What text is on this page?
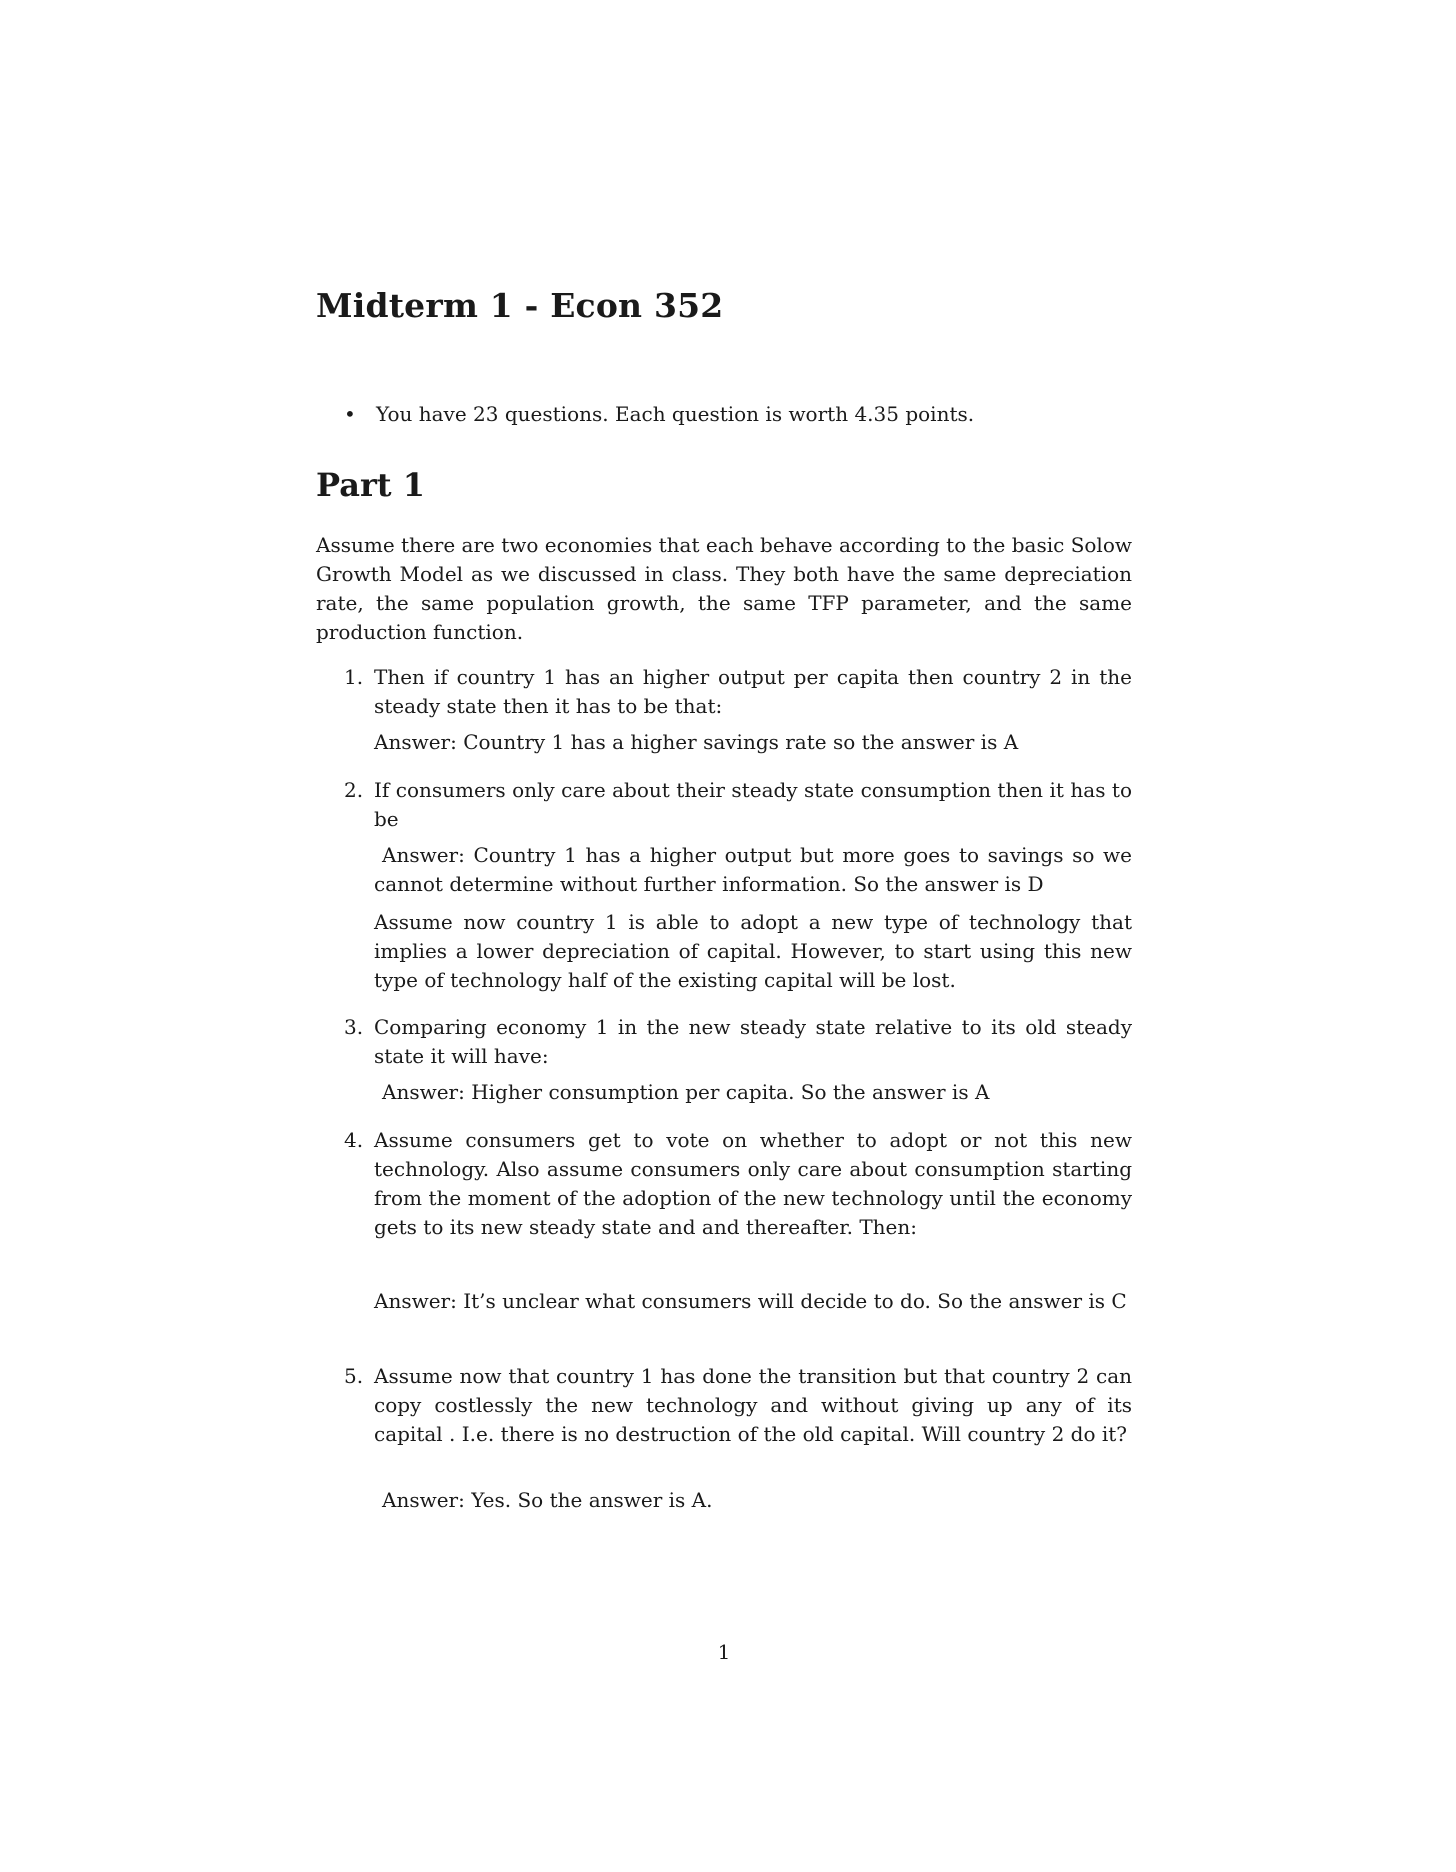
Midterm 1 - Econ 352
• You have 23 questions. Each question is worth 4.35 points.
Part 1

Assume there are two economies that each behave according to the basic Solow Growth Model as we discussed in class. They both have the same depreciation rate, the same population growth, the same TFP parameter, and the same production function.

1. Then if country 1 has an higher output per capita then country 2 in the steady state then it has to be that:

Answer: Country 1 has a higher savings rate so the answer is A

2. If consumers only care about their steady state consumption then it has to be

Answer: Country 1 has a higher output but more goes to savings so we cannot determine without further information. So the answer is D

Assume now country 1 is able to adopt a new type of technology that implies a lower depreciation of capital. However, to start using this new type of technology half of the existing capital will be lost.

3. Comparing economy 1 in the new steady state relative to its old steady state it will have:

Answer: Higher consumption per capita. So the answer is A

4. Assume consumers get to vote on whether to adopt or not this new technology. Also assume consumers only care about consumption starting from the moment of the adoption of the new technology until the economy gets to its new steady state and and thereafter. Then:

Answer: It’s unclear what consumers will decide to do. So the answer is C

5. Assume now that country 1 has done the transition but that country 2 can copy costlessly the new technology and without giving up any of its capital . I.e. there is no destruction of the old capital. Will country 2 do it?

Answer: Yes. So the answer is A.

1
